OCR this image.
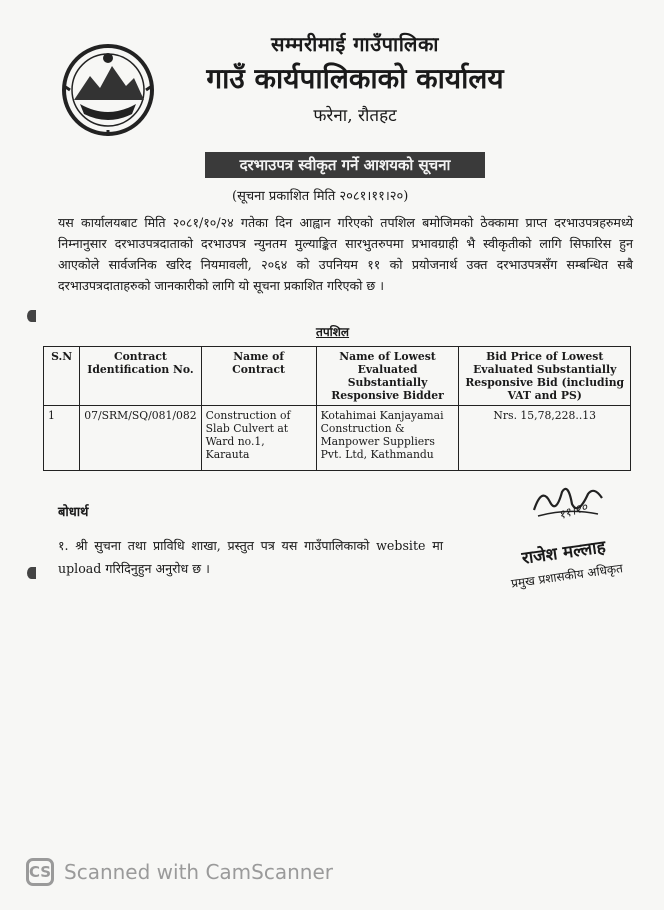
सम्मरीमाई गाउँपालिका
गाउँ कार्यपालिकाको कार्यालय
फरेना, रौतहट
दरभाउपत्र स्वीकृत गर्ने आशयको सूचना
(सूचना प्रकाशित मिति २०८१।११।२०)
यस कार्यालयबाट मिति २०८१/१०/२४ गतेका दिन आह्वान गरिएको तपशिल बमोजिमको ठेक्कामा प्राप्त दरभाउपत्रहरुमध्ये निम्नानुसार दरभाउपत्रदाताको दरभाउपत्र न्युनतम मुल्याङ्कित सारभुतरुपमा प्रभावग्राही भै स्वीकृतीको लागि सिफारिस हुन आएकोले सार्वजनिक खरिद नियमावली, २०६४ को उपनियम ११ को प्रयोजनार्थ उक्त दरभाउपत्रसँग सम्बन्धित सबै दरभाउपत्रदाताहरुको जानकारीको लागि यो सूचना प्रकाशित गरिएको छ ।
तपशिल
S.N	Contract Identification No.	Name of Contract	Name of Lowest Evaluated Substantially Responsive Bidder	Bid Price of Lowest Evaluated Substantially Responsive Bid (including VAT and PS)
1	07/SRM/SQ/081/082	Construction of Slab Culvert at Ward no.1, Karauta	Kotahimai Kanjayamai Construction & Manpower Suppliers Pvt. Ltd, Kathmandu	Nrs. 15,78,228..13
बोधार्थ
१. श्री सुचना तथा प्राविधि शाखा, प्रस्तुत पत्र यस गाउँपालिकाको website मा upload गरिदिनुहुन अनुरोध छ ।
११।२०
राजेश मल्लाह
प्रमुख प्रशासकीय अधिकृत
CS Scanned with CamScanner
